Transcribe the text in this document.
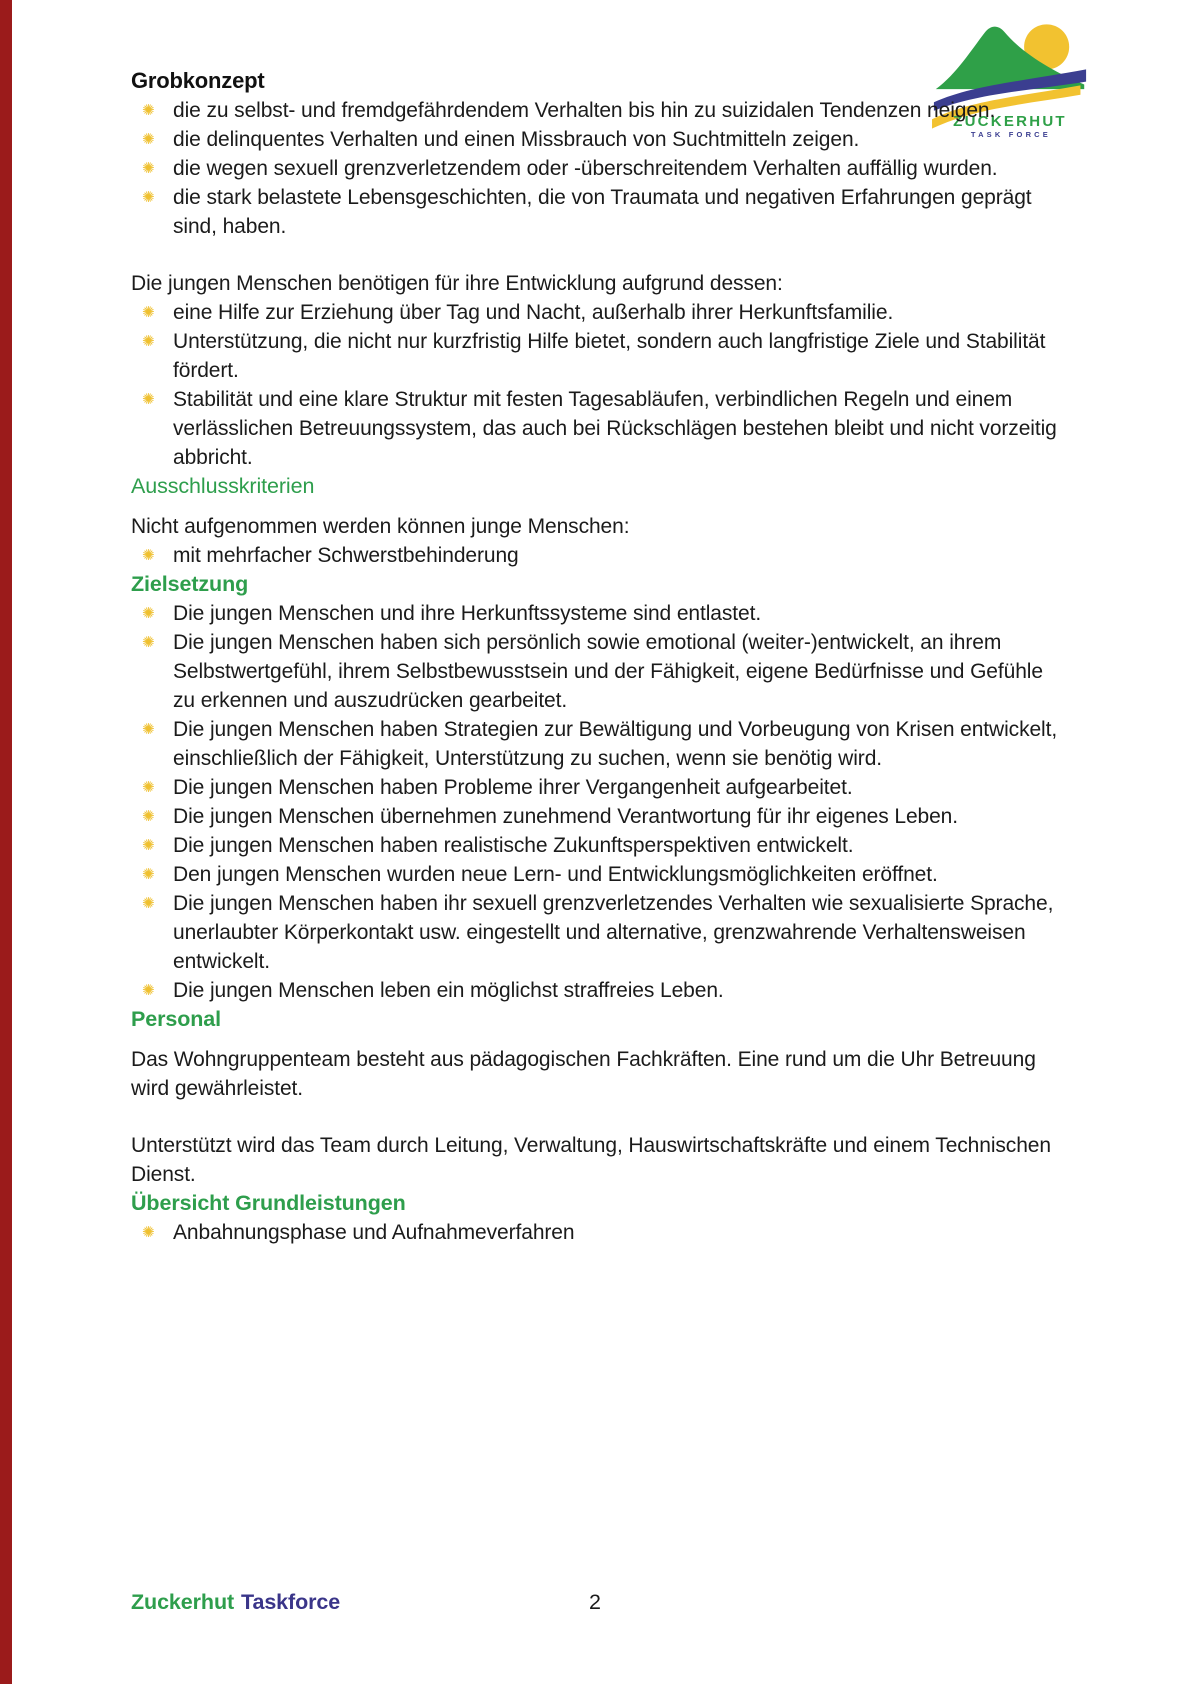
ZUCKERHUT
TASK FORCE
Grobkonzept
✺ die zu selbst- und fremdgefährdendem Verhalten bis hin zu suizidalen Tendenzen neigen.
✺ die delinquentes Verhalten und einen Missbrauch von Suchtmitteln zeigen.
✺ die wegen sexuell grenzverletzendem oder -überschreitendem Verhalten auffällig wurden.
✺ die stark belastete Lebensgeschichten, die von Traumata und negativen Erfahrungen geprägt sind, haben.

Die jungen Menschen benötigen für ihre Entwicklung aufgrund dessen:

✺ eine Hilfe zur Erziehung über Tag und Nacht, außerhalb ihrer Herkunftsfamilie.
✺ Unterstützung, die nicht nur kurzfristig Hilfe bietet, sondern auch langfristige Ziele und Stabilität fördert.
✺ Stabilität und eine klare Struktur mit festen Tagesabläufen, verbindlichen Regeln und einem verlässlichen Betreuungssystem, das auch bei Rückschlägen bestehen bleibt und nicht vorzeitig abbricht.
Ausschlusskriterien

Nicht aufgenommen werden können junge Menschen:

✺ mit mehrfacher Schwerstbehinderung
Zielsetzung
✺ Die jungen Menschen und ihre Herkunftssysteme sind entlastet.
✺ Die jungen Menschen haben sich persönlich sowie emotional (weiter-)entwickelt, an ihrem Selbstwertgefühl, ihrem Selbstbewusstsein und der Fähigkeit, eigene Bedürfnisse und Gefühle zu erkennen und auszudrücken gearbeitet.
✺ Die jungen Menschen haben Strategien zur Bewältigung und Vorbeugung von Krisen entwickelt, einschließlich der Fähigkeit, Unterstützung zu suchen, wenn sie benötig wird.
✺ Die jungen Menschen haben Probleme ihrer Vergangenheit aufgearbeitet.
✺ Die jungen Menschen übernehmen zunehmend Verantwortung für ihr eigenes Leben.
✺ Die jungen Menschen haben realistische Zukunftsperspektiven entwickelt.
✺ Den jungen Menschen wurden neue Lern- und Entwicklungsmöglichkeiten eröffnet.
✺ Die jungen Menschen haben ihr sexuell grenzverletzendes Verhalten wie sexualisierte Sprache, unerlaubter Körperkontakt usw. eingestellt und alternative, grenzwahrende Verhaltensweisen entwickelt.
✺ Die jungen Menschen leben ein möglichst straffreies Leben.
Personal

Das Wohngruppenteam besteht aus pädagogischen Fachkräften. Eine rund um die Uhr Betreuung wird gewährleistet.

Unterstützt wird das Team durch Leitung, Verwaltung, Hauswirtschaftskräfte und einem Technischen Dienst.

Übersicht Grundleistungen
✺ Anbahnungsphase und Aufnahmeverfahren
Zuckerhut Taskforce	2
